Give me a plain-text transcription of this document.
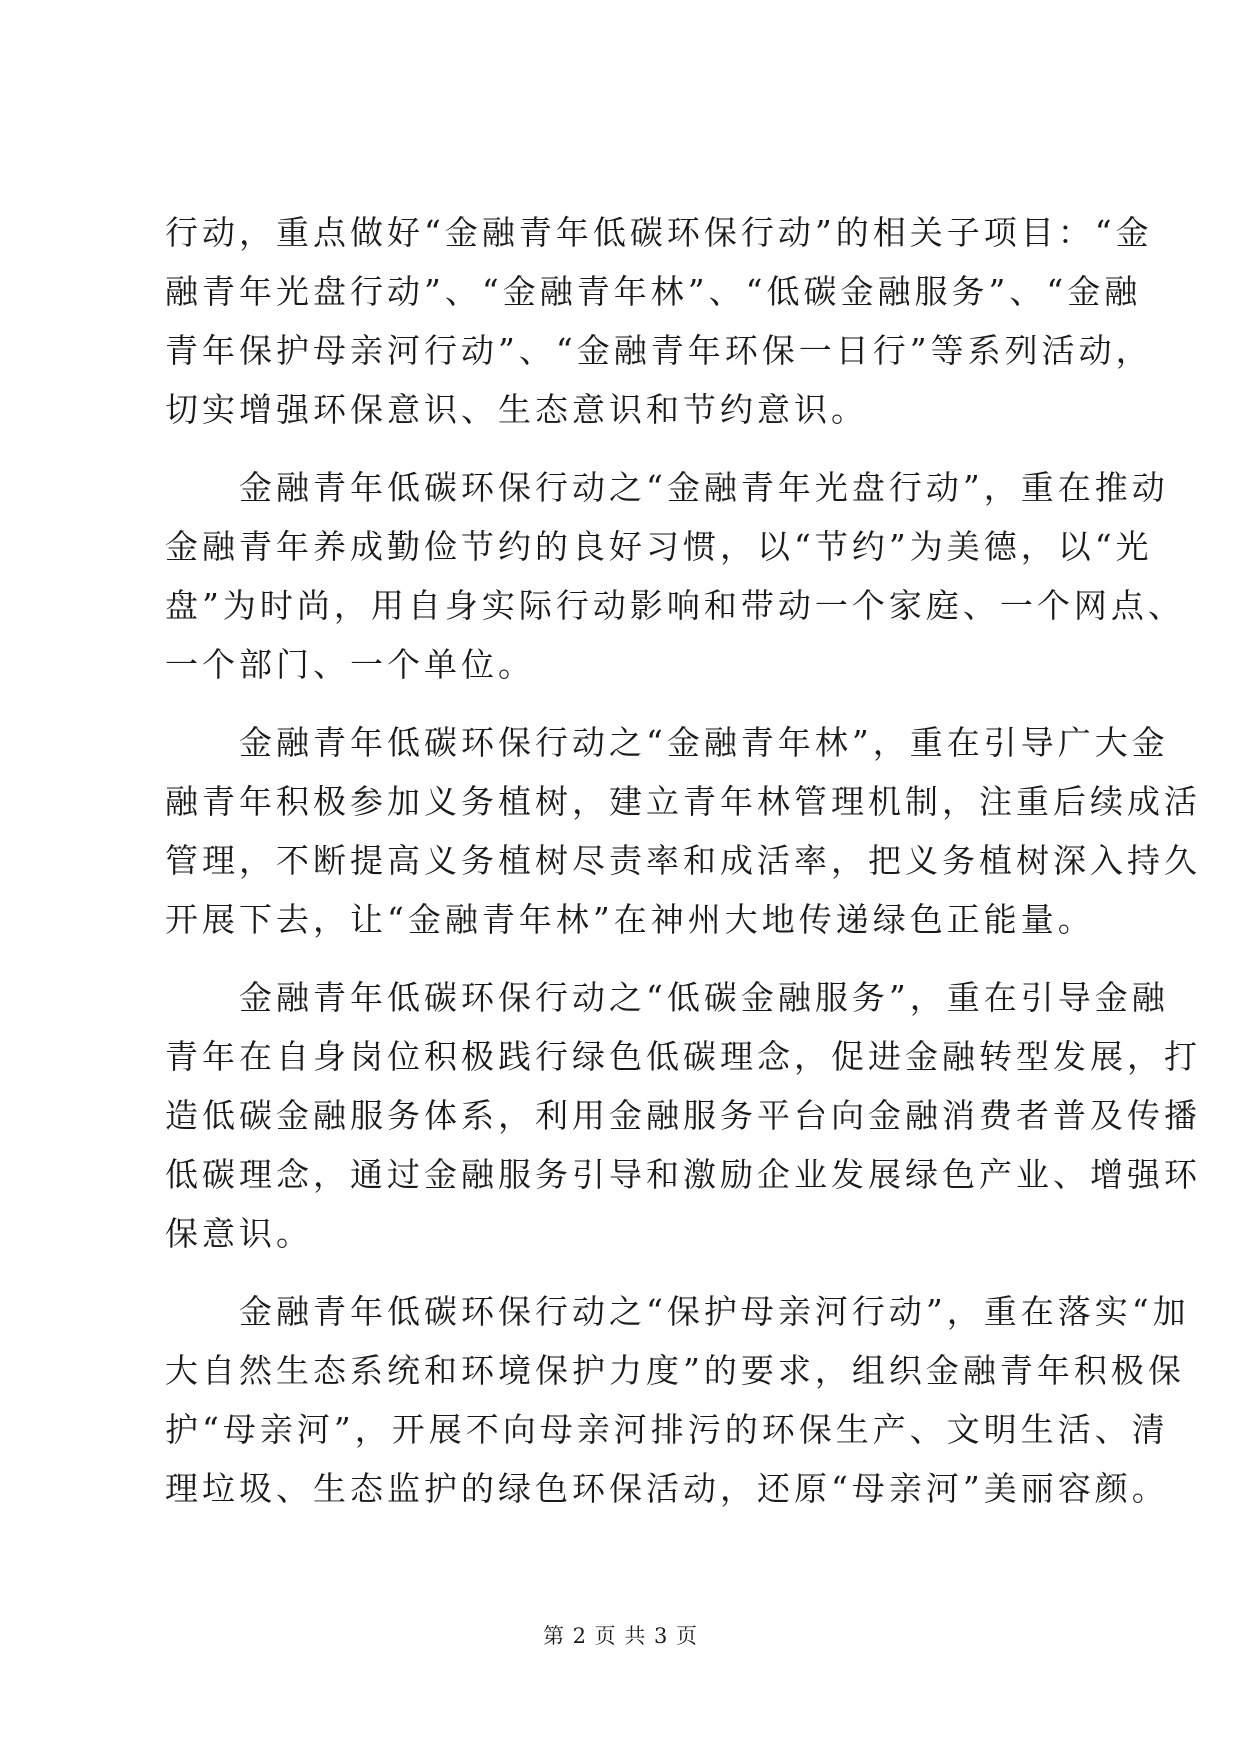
行动，重点做好“金融青年低碳环保行动”的相关子项目：“金
融青年光盘行动”、“金融青年林”、“低碳金融服务”、“金融
青年保护母亲河行动”、“金融青年环保一日行”等系列活动，
切实增强环保意识、生态意识和节约意识。
　　金融青年低碳环保行动之“金融青年光盘行动”，重在推动
金融青年养成勤俭节约的良好习惯，以“节约”为美德，以“光
盘”为时尚，用自身实际行动影响和带动一个家庭、一个网点、
一个部门、一个单位。
　　金融青年低碳环保行动之“金融青年林”，重在引导广大金
融青年积极参加义务植树，建立青年林管理机制，注重后续成活
管理，不断提高义务植树尽责率和成活率，把义务植树深入持久
开展下去，让“金融青年林”在神州大地传递绿色正能量。
　　金融青年低碳环保行动之“低碳金融服务”，重在引导金融
青年在自身岗位积极践行绿色低碳理念，促进金融转型发展，打
造低碳金融服务体系，利用金融服务平台向金融消费者普及传播
低碳理念，通过金融服务引导和激励企业发展绿色产业、增强环
保意识。
　　金融青年低碳环保行动之“保护母亲河行动”，重在落实“加
大自然生态系统和环境保护力度”的要求，组织金融青年积极保
护“母亲河”，开展不向母亲河排污的环保生产、文明生活、清
理垃圾、生态监护的绿色环保活动，还原“母亲河”美丽容颜。
第 2 页 共 3 页
